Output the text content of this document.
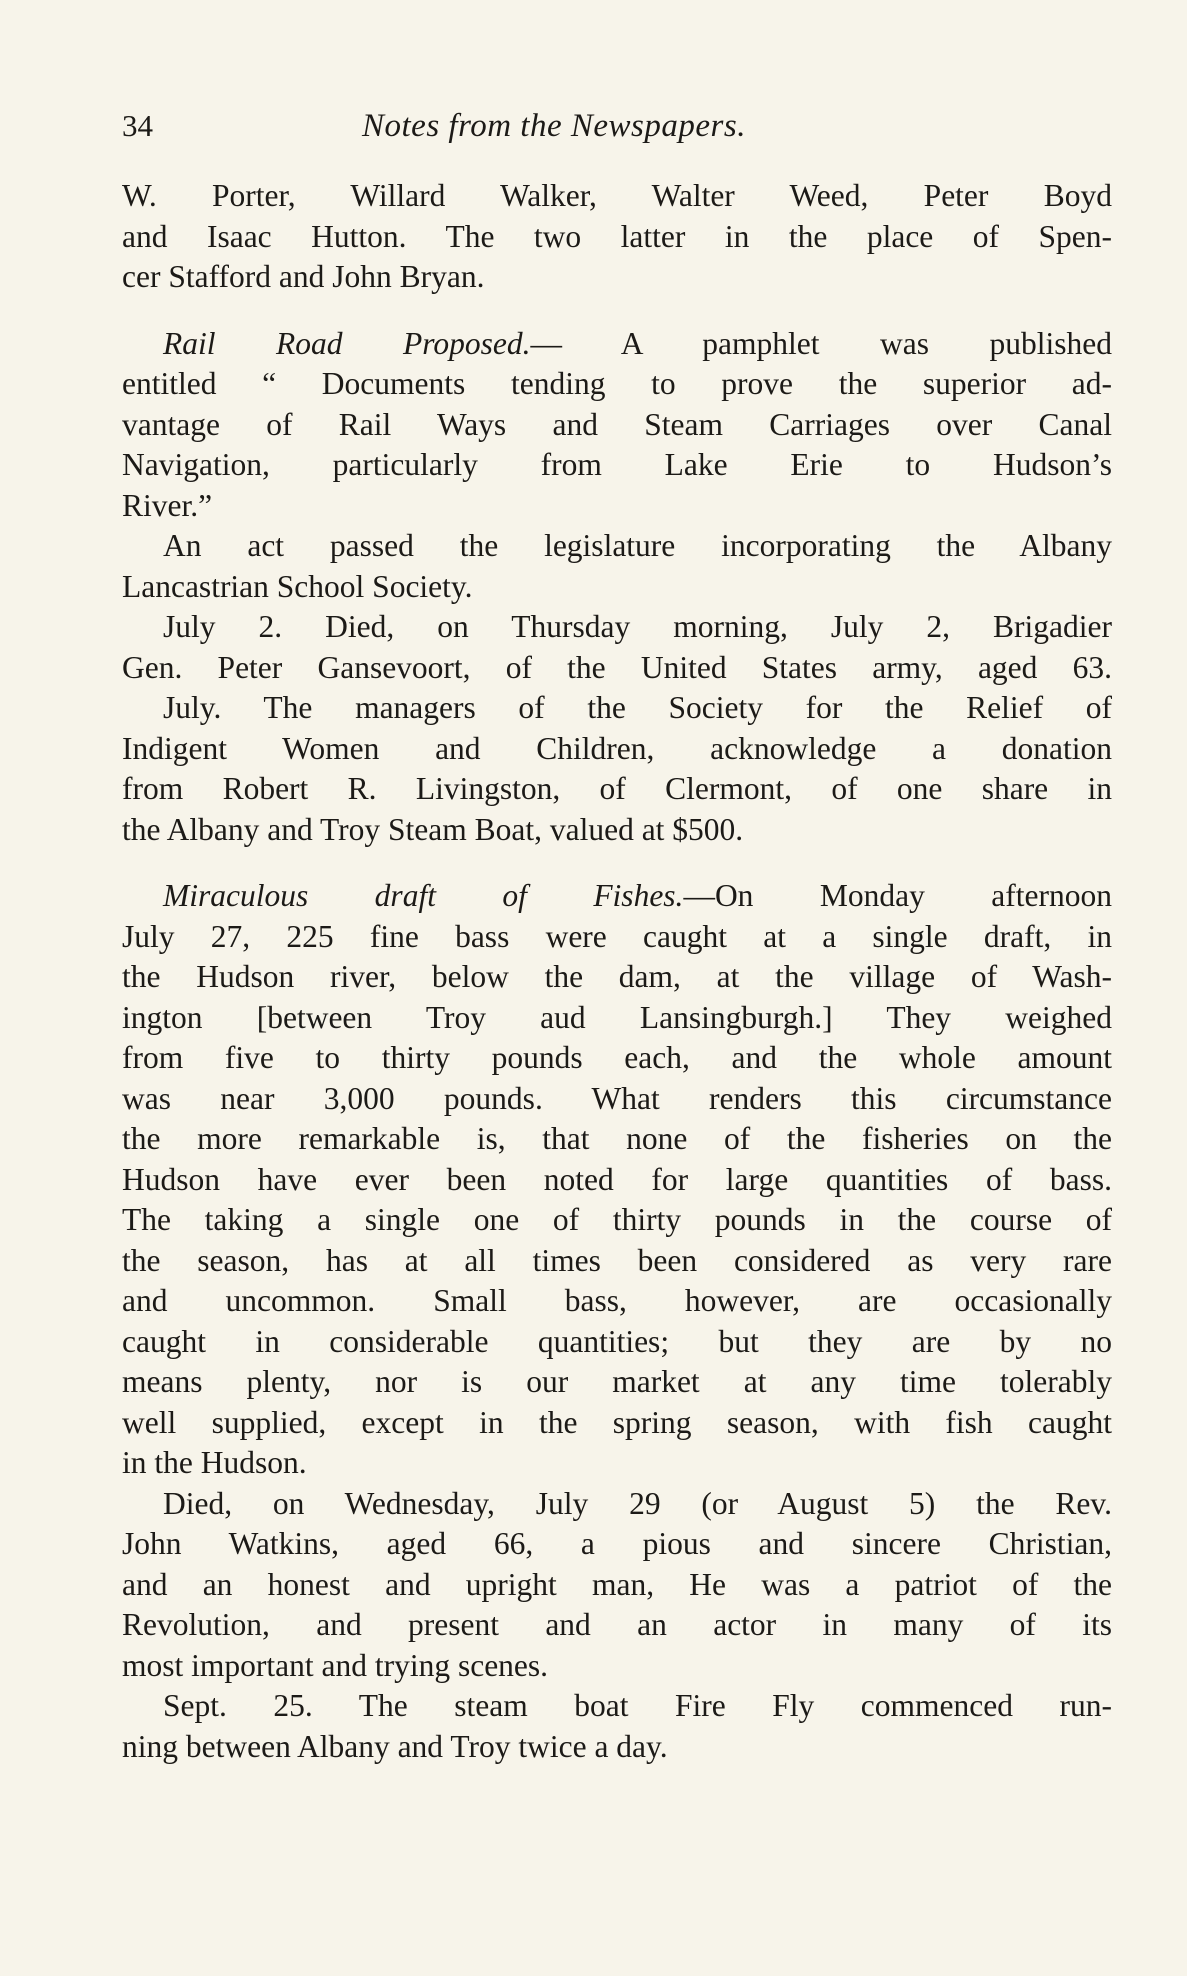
34	Notes from the Newspapers.
W. Porter, Willard Walker, Walter Weed, Peter Boyd
and Isaac Hutton. The two latter in the place of Spen-
cer Stafford and John Bryan.
Rail Road Proposed.— A pamphlet was published
entitled “ Documents tending to prove the superior ad-
vantage of Rail Ways and Steam Carriages over Canal
Navigation, particularly from Lake Erie to Hudson’s
River.”
An act passed the legislature incorporating the Albany
Lancastrian School Society.
July 2. Died, on Thursday morning, July 2, Brigadier
Gen. Peter Gansevoort, of the United States army, aged 63.
July. The managers of the Society for the Relief of
Indigent Women and Children, acknowledge a donation
from Robert R. Livingston, of Clermont, of one share in
the Albany and Troy Steam Boat, valued at $500.
Miraculous draft of Fishes.—On Monday afternoon
July 27, 225 fine bass were caught at a single draft, in
the Hudson river, below the dam, at the village of Wash-
ington [between Troy aud Lansingburgh.] They weighed
from five to thirty pounds each, and the whole amount
was near 3,000 pounds. What renders this circumstance
the more remarkable is, that none of the fisheries on the
Hudson have ever been noted for large quantities of bass.
The taking a single one of thirty pounds in the course of
the season, has at all times been considered as very rare
and uncommon. Small bass, however, are occasionally
caught in considerable quantities; but they are by no
means plenty, nor is our market at any time tolerably
well supplied, except in the spring season, with fish caught
in the Hudson.
Died, on Wednesday, July 29 (or August 5) the Rev.
John Watkins, aged 66, a pious and sincere Christian,
and an honest and upright man, He was a patriot of the
Revolution, and present and an actor in many of its
most important and trying scenes.
Sept. 25. The steam boat Fire Fly commenced run-
ning between Albany and Troy twice a day.
